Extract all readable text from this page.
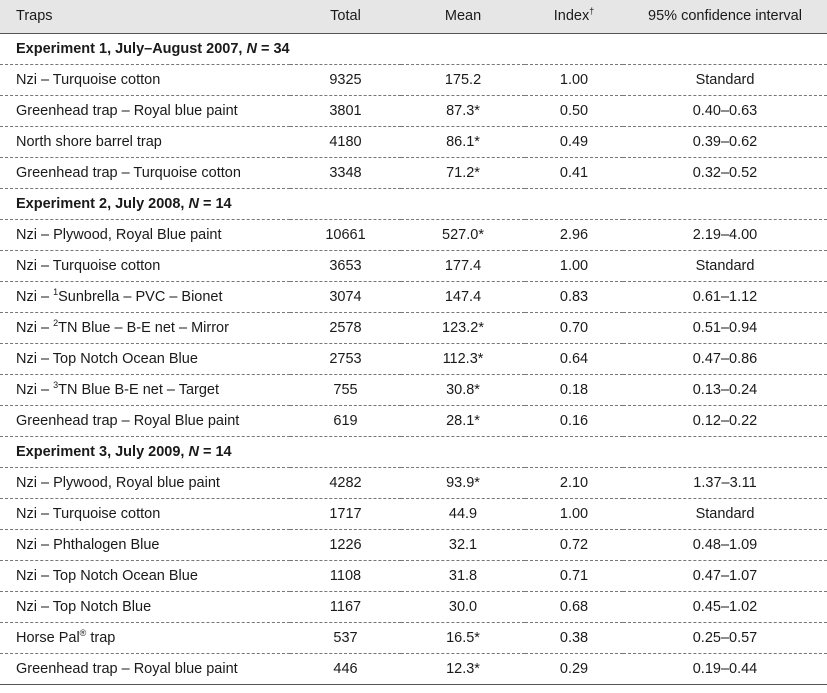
Traps	Total	Mean	Index†	95% confidence interval
Experiment 1, July–August 2007, N = 34				
Nzi – Turquoise cotton	9325	175.2	1.00	Standard
Greenhead trap – Royal blue paint	3801	87.3*	0.50	0.40–0.63
North shore barrel trap	4180	86.1*	0.49	0.39–0.62
Greenhead trap – Turquoise cotton	3348	71.2*	0.41	0.32–0.52
Experiment 2, July 2008, N = 14				
Nzi – Plywood, Royal Blue paint	10661	527.0*	2.96	2.19–4.00
Nzi – Turquoise cotton	3653	177.4	1.00	Standard
Nzi – $^1$Sunbrella – PVC – Bionet	3074	147.4	0.83	0.61–1.12
Nzi – $^2$TN Blue – B-E net – Mirror	2578	123.2*	0.70	0.51–0.94
Nzi – Top Notch Ocean Blue	2753	112.3*	0.64	0.47–0.86
Nzi – $^3$TN Blue B-E net – Target	755	30.8*	0.18	0.13–0.24
Greenhead trap – Royal Blue paint	619	28.1*	0.16	0.12–0.22
Experiment 3, July 2009, N = 14				
Nzi – Plywood, Royal blue paint	4282	93.9*	2.10	1.37–3.11
Nzi – Turquoise cotton	1717	44.9	1.00	Standard
Nzi – Phthalogen Blue	1226	32.1	0.72	0.48–1.09
Nzi – Top Notch Ocean Blue	1108	31.8	0.71	0.47–1.07
Nzi – Top Notch Blue	1167	30.0	0.68	0.45–1.02
Horse Pal® trap	537	16.5*	0.38	0.25–0.57
Greenhead trap – Royal blue paint	446	12.3*	0.29	0.19–0.44
